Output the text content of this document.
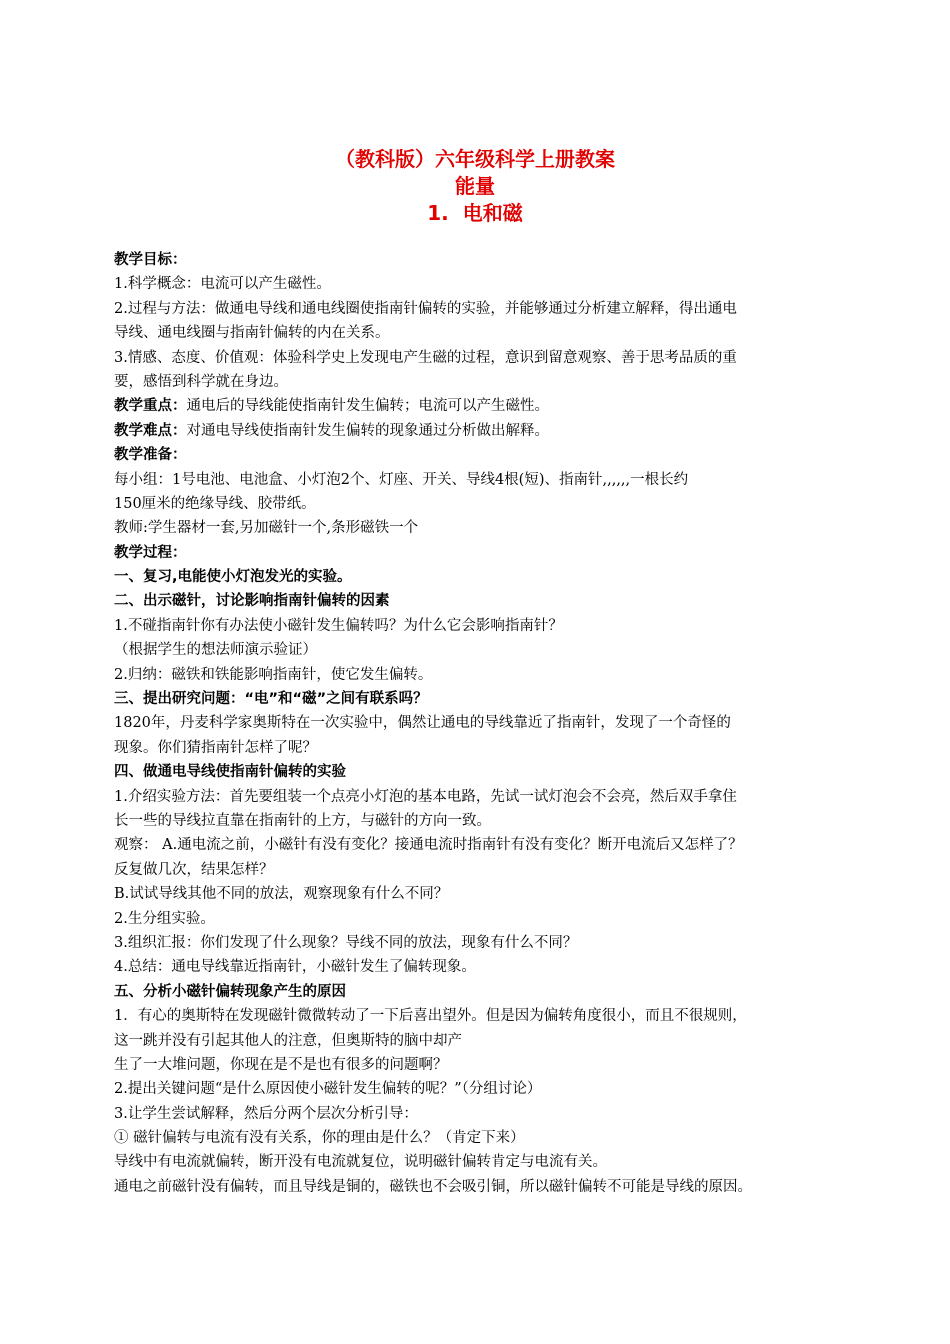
（教科版）六年级科学上册教案
能量
1. 电和磁
教学目标：
1.科学概念：电流可以产生磁性。
2.过程与方法：做通电导线和通电线圈使指南针偏转的实验，并能够通过分析建立解释，得出通电
导线、通电线圈与指南针偏转的内在关系。
3.情感、态度、价值观：体验科学史上发现电产生磁的过程，意识到留意观察、善于思考品质的重
要，感悟到科学就在身边。
教学重点：通电后的导线能使指南针发生偏转；电流可以产生磁性。
教学难点：对通电导线使指南针发生偏转的现象通过分析做出解释。
教学准备：
每小组：1号电池、电池盒、小灯泡2个、灯座、开关、导线4根(短)、指南针,,,,,,一根长约
150厘米的绝缘导线、胶带纸。
教师:学生器材一套,另加磁针一个,条形磁铁一个
教学过程：
一、复习,电能使小灯泡发光的实验。
二、出示磁针，讨论影响指南针偏转的因素
1.不碰指南针你有办法使小磁针发生偏转吗？为什么它会影响指南针？
（根据学生的想法师演示验证）
2.归纳：磁铁和铁能影响指南针，使它发生偏转。
三、提出研究问题：“电”和“磁”之间有联系吗？
1820年，丹麦科学家奥斯特在一次实验中，偶然让通电的导线靠近了指南针，发现了一个奇怪的
现象。你们猜指南针怎样了呢？
四、做通电导线使指南针偏转的实验
1.介绍实验方法：首先要组装一个点亮小灯泡的基本电路，先试一试灯泡会不会亮，然后双手拿住
长一些的导线拉直靠在指南针的上方，与磁针的方向一致。
观察： A.通电流之前，小磁针有没有变化？接通电流时指南针有没有变化？断开电流后又怎样了？
反复做几次，结果怎样？
B.试试导线其他不同的放法，观察现象有什么不同？
2.生分组实验。
3.组织汇报：你们发现了什么现象？导线不同的放法，现象有什么不同？
4.总结：通电导线靠近指南针，小磁针发生了偏转现象。
五、分析小磁针偏转现象产生的原因
1．有心的奥斯特在发现磁针微微转动了一下后喜出望外。但是因为偏转角度很小，而且不很规则，
这一跳并没有引起其他人的注意，但奥斯特的脑中却产
生了一大堆问题，你现在是不是也有很多的问题啊？
2.提出关键问题“是什么原因使小磁针发生偏转的呢？”（分组讨论）
3.让学生尝试解释，然后分两个层次分析引导：
① 磁针偏转与电流有没有关系，你的理由是什么？（肯定下来）
导线中有电流就偏转，断开没有电流就复位，说明磁针偏转肯定与电流有关。
通电之前磁针没有偏转，而且导线是铜的，磁铁也不会吸引铜，所以磁针偏转不可能是导线的原因。
